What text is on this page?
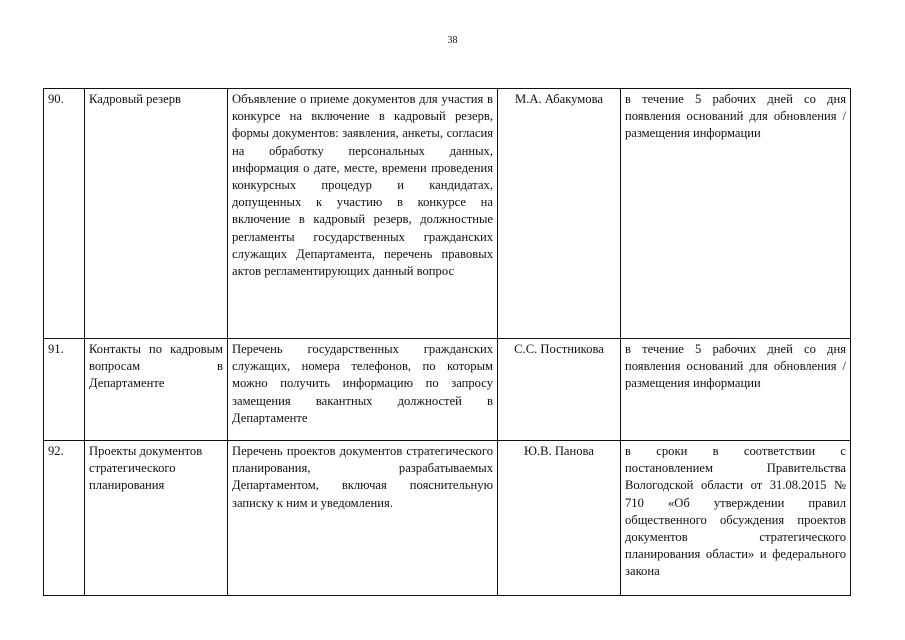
38
90.	Кадровый резерв	Объявление о приеме документов для участия в конкурсе на включение в кадровый резерв, формы документов: заявления, анкеты, согласия на обработку персональных данных, информация о дате, месте, времени проведения конкурсных процедур и кандидатах, допущенных к участию в конкурсе на включение в кадровый резерв, должностные регламенты государственных гражданских служащих Департамента, перечень правовых актов регламентирующих данный вопрос	М.А. Абакумова	в течение 5 рабочих дней со дня появления оснований для обновления /размещения информации
91.	Контакты по кадровым вопросам в Департаменте	Перечень государственных гражданских служащих, номера телефонов, по которым можно получить информацию по запросу замещения вакантных должностей в Департаменте	С.С. Постникова	в течение 5 рабочих дней со дня появления оснований для обновления /размещения информации
92.	Проекты документов стратегического планирования	Перечень проектов документов стратегического планирования, разрабатываемых Департаментом, включая пояснительную записку к ним и уведомления.	Ю.В. Панова	в сроки в соответствии с постановлением Правительства Вологодской области от 31.08.2015 № 710 «Об утверждении правил общественного обсуждения проектов документов стратегического планирования области» и федерального закона
